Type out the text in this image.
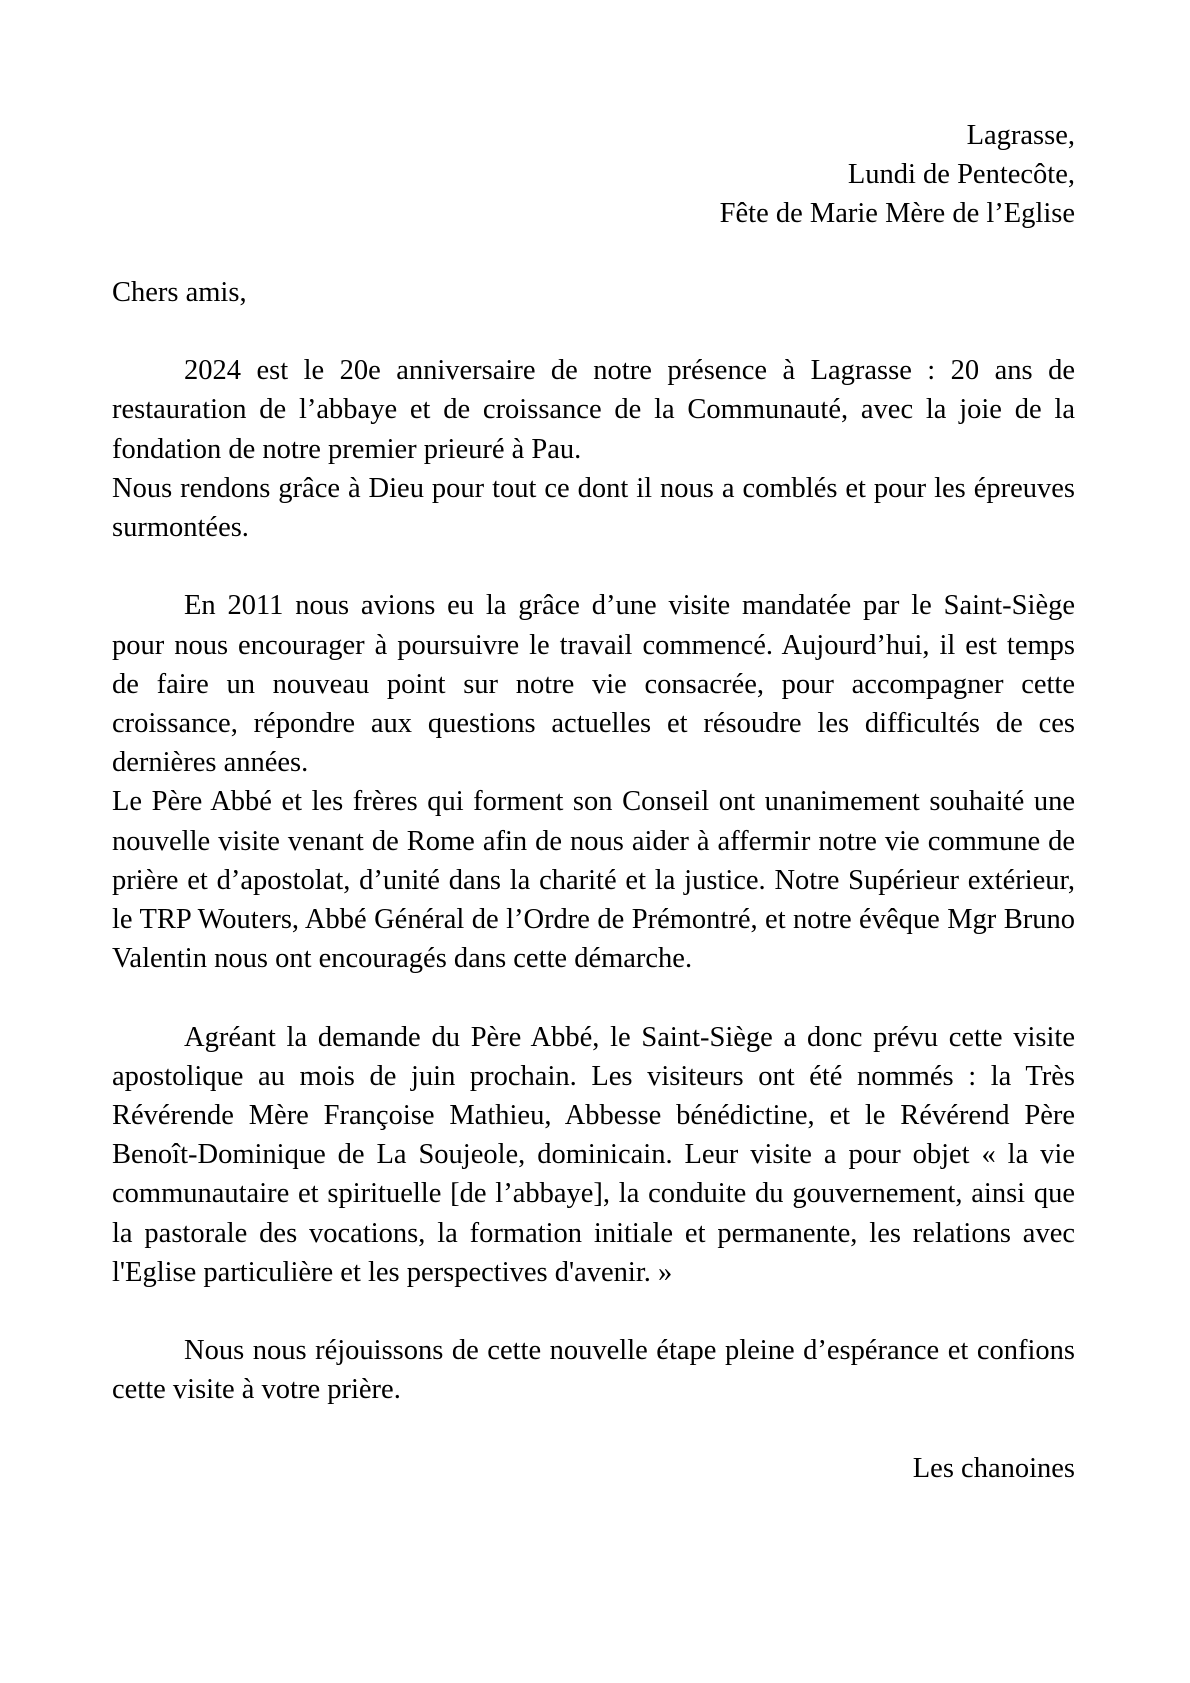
Lagrasse,
Lundi de Pentecôte,
Fête de Marie Mère de l’Eglise
Chers amis,

2024 est le 20e anniversaire de notre présence à Lagrasse : 20 ans de restauration de l’abbaye et de croissance de la Communauté, avec la joie de la fondation de notre premier prieuré à Pau.

Nous rendons grâce à Dieu pour tout ce dont il nous a comblés et pour les épreuves surmontées.

En 2011 nous avions eu la grâce d’une visite mandatée par le Saint-Siège pour nous encourager à poursuivre le travail commencé. Aujourd’hui, il est temps de faire un nouveau point sur notre vie consacrée, pour accompagner cette croissance, répondre aux questions actuelles et résoudre les difficultés de ces dernières années.

Le Père Abbé et les frères qui forment son Conseil ont unanimement souhaité une nouvelle visite venant de Rome afin de nous aider à affermir notre vie commune de prière et d’apostolat, d’unité dans la charité et la justice. Notre Supérieur extérieur, le TRP Wouters, Abbé Général de l’Ordre de Prémontré, et notre évêque Mgr Bruno Valentin nous ont encouragés dans cette démarche.

Agréant la demande du Père Abbé, le Saint-Siège a donc prévu cette visite apostolique au mois de juin prochain. Les visiteurs ont été nommés : la Très Révérende Mère Françoise Mathieu, Abbesse bénédictine, et le Révérend Père Benoît-Dominique de La Soujeole, dominicain. Leur visite a pour objet « la vie communautaire et spirituelle [de l’abbaye], la conduite du gouvernement, ainsi que la pastorale des vocations, la formation initiale et permanente, les relations avec l'Eglise particulière et les perspectives d'avenir. »

Nous nous réjouissons de cette nouvelle étape pleine d’espérance et confions cette visite à votre prière.

Les chanoines
